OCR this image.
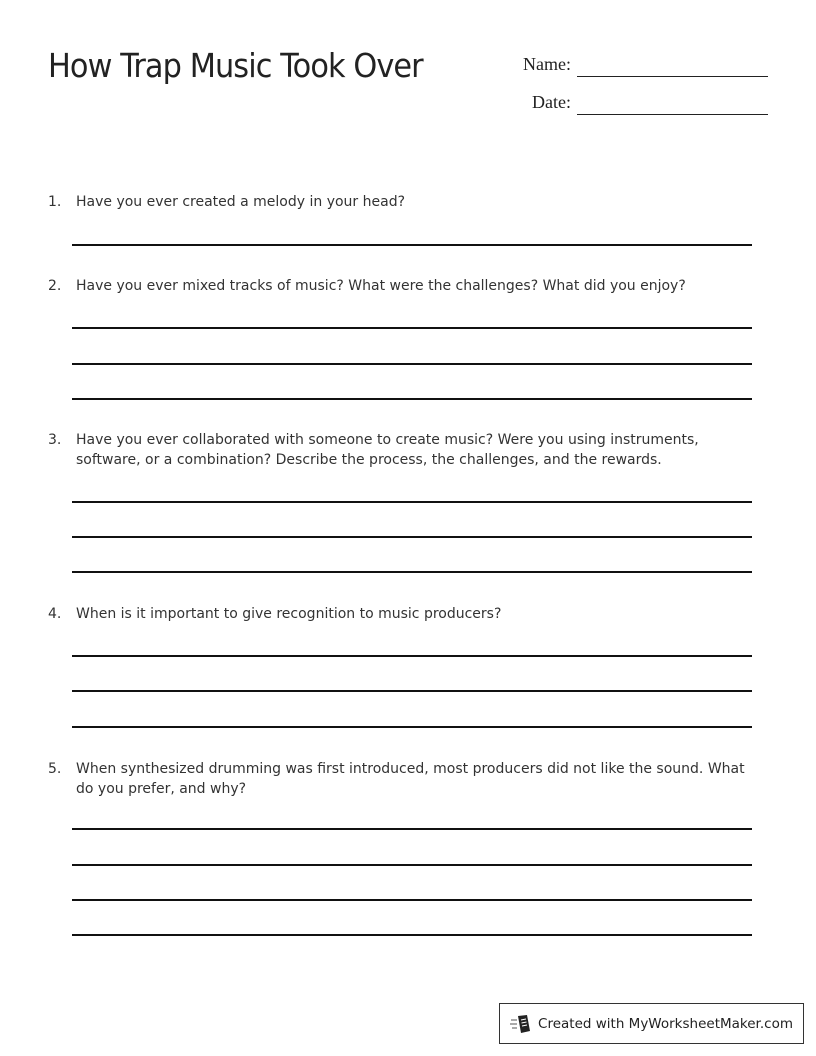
How Trap Music Took Over	Name:
Date:
1. Have you ever created a melody in your head?
2. Have you ever mixed tracks of music? What were the challenges? What did you enjoy?
3. Have you ever collaborated with someone to create music? Were you using instruments, software, or a combination? Describe the process, the challenges, and the rewards.
4. When is it important to give recognition to music producers?
5. When synthesized drumming was first introduced, most producers did not like the sound. What do you prefer, and why?
Created with MyWorksheetMaker.com
